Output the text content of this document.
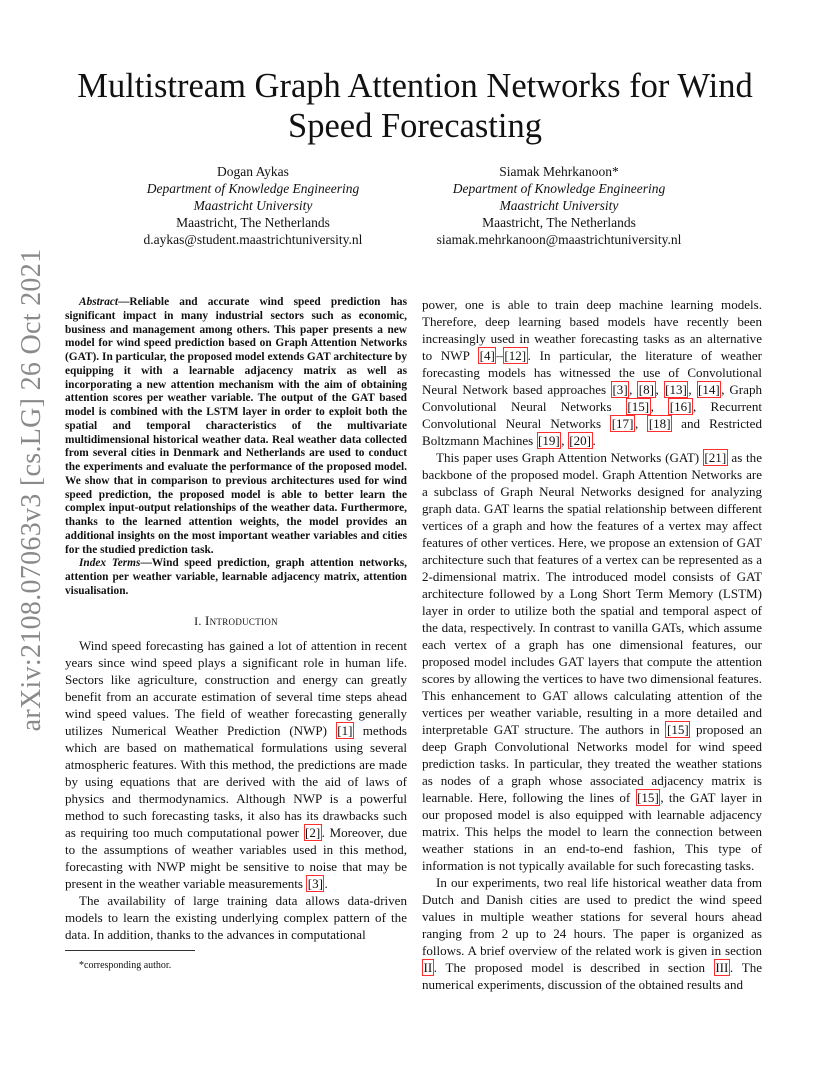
arXiv:2108.07063v3 [cs.LG] 26 Oct 2021
Multistream Graph Attention Networks for Wind Speed Forecasting
Dogan Aykas
Department of Knowledge Engineering
Maastricht University
Maastricht, The Netherlands
d.aykas@student.maastrichtuniversity.nl
Siamak Mehrkanoon*
Department of Knowledge Engineering
Maastricht University
Maastricht, The Netherlands
siamak.mehrkanoon@maastrichtuniversity.nl

Abstract—Reliable and accurate wind speed prediction has significant impact in many industrial sectors such as economic, business and management among others. This paper presents a new model for wind speed prediction based on Graph Attention Networks (GAT). In particular, the proposed model extends GAT architecture by equipping it with a learnable adjacency matrix as well as incorporating a new attention mechanism with the aim of obtaining attention scores per weather variable. The output of the GAT based model is combined with the LSTM layer in order to exploit both the spatial and temporal characteristics of the multivariate multidimensional historical weather data. Real weather data collected from several cities in Denmark and Netherlands are used to conduct the experiments and evaluate the performance of the proposed model. We show that in comparison to previous architectures used for wind speed prediction, the proposed model is able to better learn the complex input-output relationships of the weather data. Furthermore, thanks to the learned attention weights, the model provides an additional insights on the most important weather variables and cities for the studied prediction task.

Index Terms—Wind speed prediction, graph attention networks, attention per weather variable, learnable adjacency matrix, attention visualisation.

I. Introduction

Wind speed forecasting has gained a lot of attention in recent years since wind speed plays a significant role in human life. Sectors like agriculture, construction and energy can greatly benefit from an accurate estimation of several time steps ahead wind speed values. The field of weather forecasting generally utilizes Numerical Weather Prediction (NWP) [1] methods which are based on mathematical formulations using several atmospheric features. With this method, the predictions are made by using equations that are derived with the aid of laws of physics and thermodynamics. Although NWP is a powerful method to such forecasting tasks, it also has its drawbacks such as requiring too much computational power [2] . Moreover, due to the assumptions of weather variables used in this method, forecasting with NWP might be sensitive to noise that may be present in the weather variable measurements [3] .

The availability of large training data allows data-driven models to learn the existing underlying complex pattern of the data. In addition, thanks to the advances in computational

power, one is able to train deep machine learning models. Therefore, deep learning based models have recently been increasingly used in weather forecasting tasks as an alternative to NWP [4] – [12] . In particular, the literature of weather forecasting models has witnessed the use of Convolutional Neural Network based approaches [3] , [8] , [13] , [14] , Graph Convolutional Neural Networks [15] , [16] , Recurrent Convolutional Neural Networks [17] , [18] and Restricted Boltzmann Machines [19] , [20] .

This paper uses Graph Attention Networks (GAT) [21] as the backbone of the proposed model. Graph Attention Networks are a subclass of Graph Neural Networks designed for analyzing graph data. GAT learns the spatial relationship between different vertices of a graph and how the features of a vertex may affect features of other vertices. Here, we propose an extension of GAT architecture such that features of a vertex can be represented as a 2-dimensional matrix. The introduced model consists of GAT architecture followed by a Long Short Term Memory (LSTM) layer in order to utilize both the spatial and temporal aspect of the data, respectively. In contrast to vanilla GATs, which assume each vertex of a graph has one dimensional features, our proposed model includes GAT layers that compute the attention scores by allowing the vertices to have two dimensional features. This enhancement to GAT allows calculating attention of the vertices per weather variable, resulting in a more detailed and interpretable GAT structure. The authors in [15] proposed an deep Graph Convolutional Networks model for wind speed prediction tasks. In particular, they treated the weather stations as nodes of a graph whose associated adjacency matrix is learnable. Here, following the lines of [15] , the GAT layer in our proposed model is also equipped with learnable adjacency matrix. This helps the model to learn the connection between weather stations in an end-to-end fashion, This type of information is not typically available for such forecasting tasks.

In our experiments, two real life historical weather data from Dutch and Danish cities are used to predict the wind speed values in multiple weather stations for several hours ahead ranging from 2 up to 24 hours. The paper is organized as follows. A brief overview of the related work is given in section II . The proposed model is described in section III . The numerical experiments, discussion of the obtained results and

*corresponding author.
